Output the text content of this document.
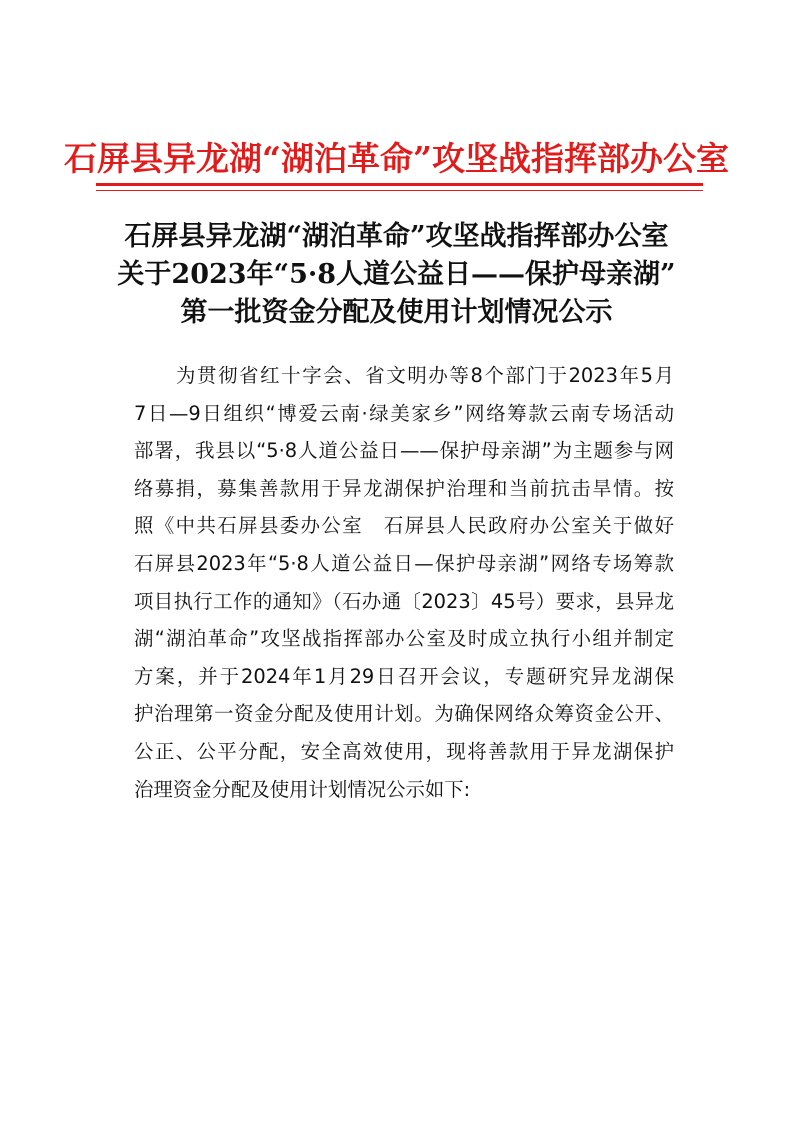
石屏县异龙湖“湖泊革命”攻坚战指挥部办公室
石屏县异龙湖“湖泊革命”攻坚战指挥部办公室
关于2023年“5·8人道公益日——保护母亲湖”
第一批资金分配及使用计划情况公示
为贯彻省红十字会、省文明办等8个部门于2023年5月
7日—9日组织“博爱云南·绿美家乡”网络筹款云南专场活动
部署，我县以“5·8人道公益日——保护母亲湖”为主题参与网
络募捐，募集善款用于异龙湖保护治理和当前抗击旱情。按
照《中共石屏县委办公室　石屏县人民政府办公室关于做好
石屏县2023年“5·8人道公益日—保护母亲湖”网络专场筹款
项目执行工作的通知》（石办通〔2023〕45号）要求，县异龙
湖“湖泊革命”攻坚战指挥部办公室及时成立执行小组并制定
方案，并于2024年1月29日召开会议，专题研究异龙湖保
护治理第一资金分配及使用计划。为确保网络众筹资金公开、
公正、公平分配，安全高效使用，现将善款用于异龙湖保护
治理资金分配及使用计划情况公示如下:
